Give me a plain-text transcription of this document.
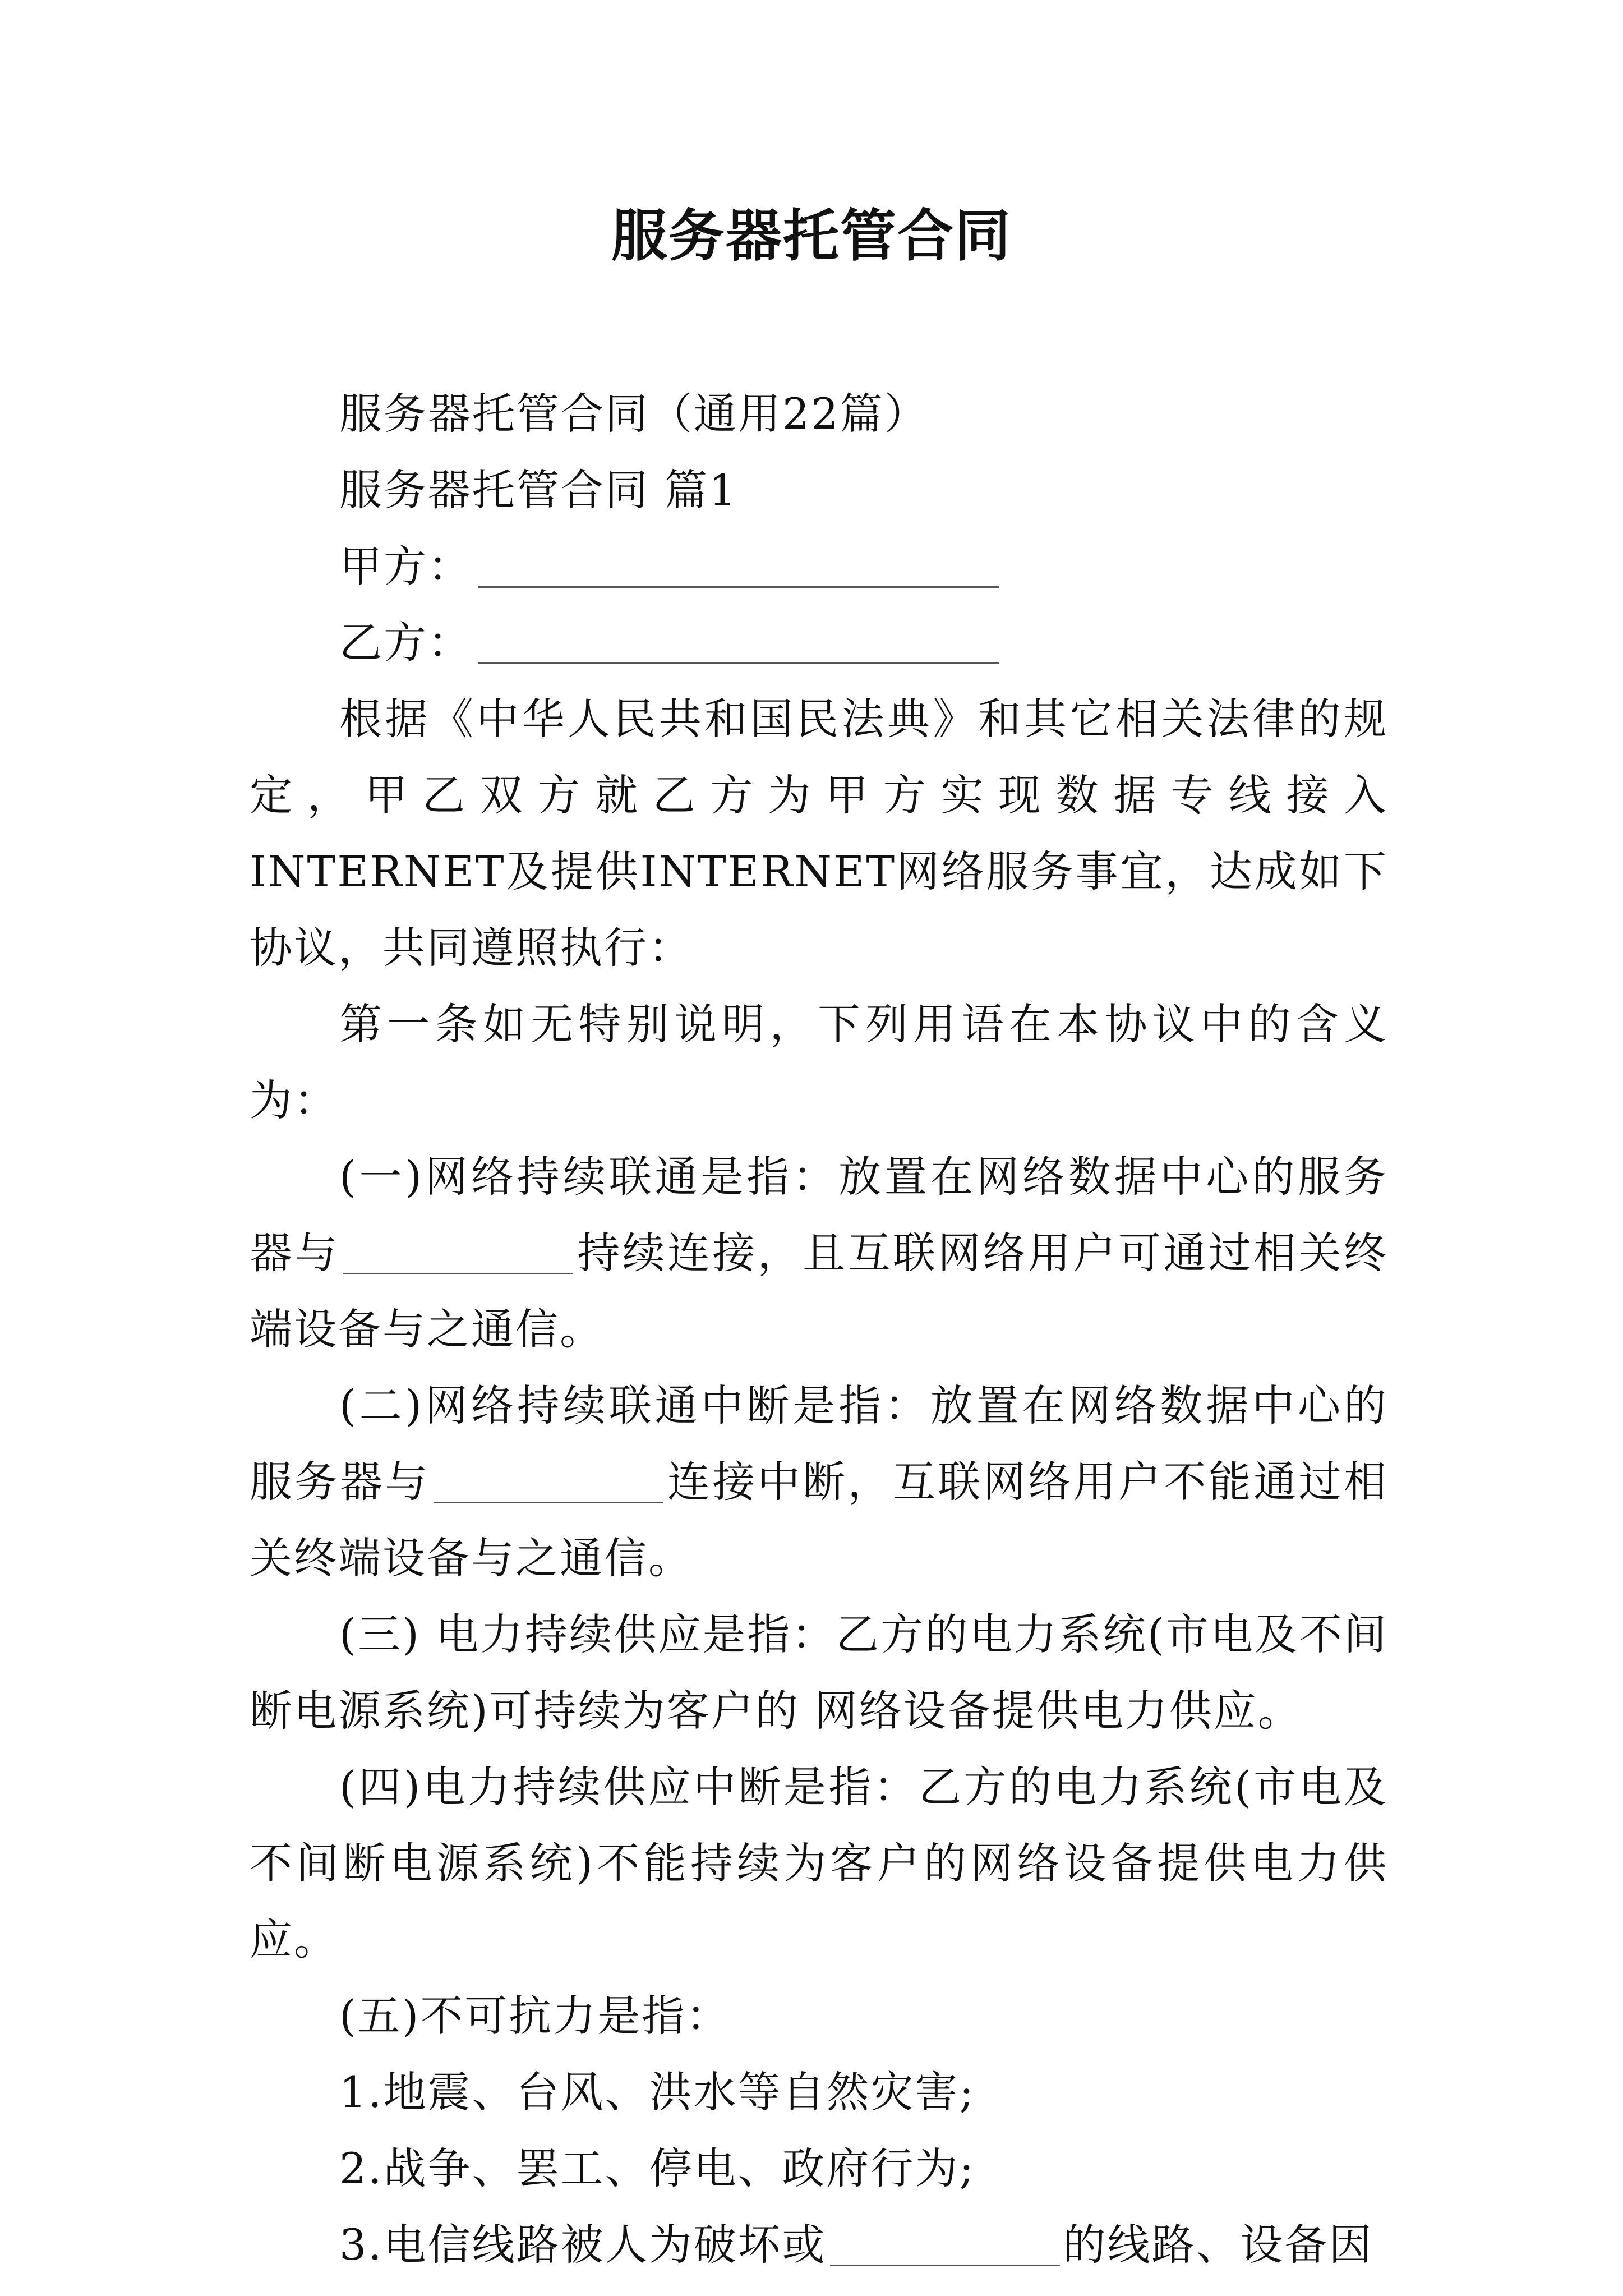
服务器托管合同

服务器托管合同（通用22篇）

服务器托管合同 篇1

甲方：

乙方：

根据《中华人民共和国民法典》和其它相关法律的规定，甲乙双方就乙方为甲方实现数据专线接入INTERNET及提供INTERNET网络服务事宜，达成如下协议，共同遵照执行：

第一条如无特别说明，下列用语在本协议中的含义为：

(一)网络持续联通是指：放置在网络数据中心的服务器与	持续连接，且互联网络用户可通过相关终端设备与之通信。

(二)网络持续联通中断是指：放置在网络数据中心的服务器与	连接中断，互联网络用户不能通过相关终端设备与之通信。

(三) 电力持续供应是指：乙方的电力系统(市电及不间断电源系统)可持续为客户的 网络设备提供电力供应。

(四)电力持续供应中断是指：乙方的电力系统(市电及不间断电源系统)不能持续为客户的网络设备提供电力供应。

(五)不可抗力是指：

1.地震、台风、洪水等自然灾害;

2.战争、罢工、停电、政府行为;

3.电信线路被人为破坏或	的线路、设备因
